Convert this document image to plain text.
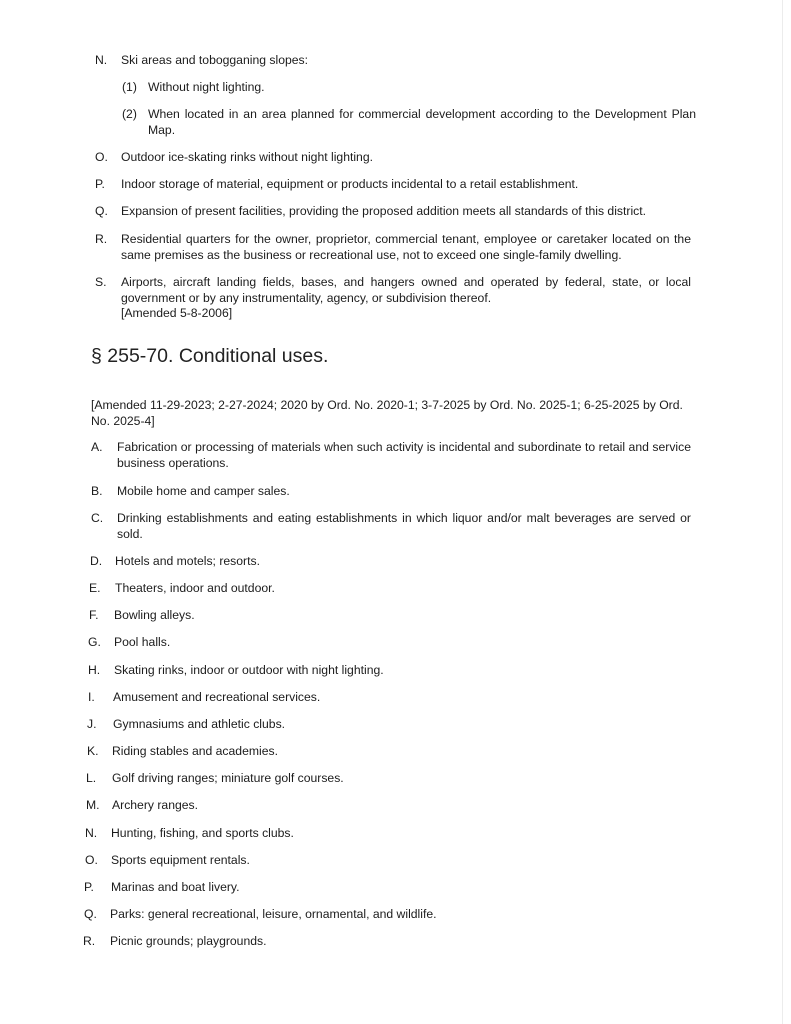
N. Ski areas and tobogganing slopes:
(1) Without night lighting.
(2) When located in an area planned for commercial development according to the Development Plan Map.
O. Outdoor ice-skating rinks without night lighting.
P. Indoor storage of material, equipment or products incidental to a retail establishment.
Q. Expansion of present facilities, providing the proposed addition meets all standards of this district.
R. Residential quarters for the owner, proprietor, commercial tenant, employee or caretaker located on the same premises as the business or recreational use, not to exceed one single-family dwelling.
S. Airports, aircraft landing fields, bases, and hangers owned and operated by federal, state, or local government or by any instrumentality, agency, or subdivision thereof.
[Amended 5-8-2006]
§ 255-70. Conditional uses.
[Amended 11-29-2023; 2-27-2024; 2020 by Ord. No. 2020-1; 3-7-2025 by Ord. No. 2025-1; 6-25-2025 by Ord. No. 2025-4]
A. Fabrication or processing of materials when such activity is incidental and subordinate to retail and service business operations.
B. Mobile home and camper sales.
C. Drinking establishments and eating establishments in which liquor and/or malt beverages are served or sold.
D. Hotels and motels; resorts.
E. Theaters, indoor and outdoor.
F. Bowling alleys.
G. Pool halls.
H. Skating rinks, indoor or outdoor with night lighting.
I. Amusement and recreational services.
J. Gymnasiums and athletic clubs.
K. Riding stables and academies.
L. Golf driving ranges; miniature golf courses.
M. Archery ranges.
N. Hunting, fishing, and sports clubs.
O. Sports equipment rentals.
P. Marinas and boat livery.
Q. Parks: general recreational, leisure, ornamental, and wildlife.
R. Picnic grounds; playgrounds.
